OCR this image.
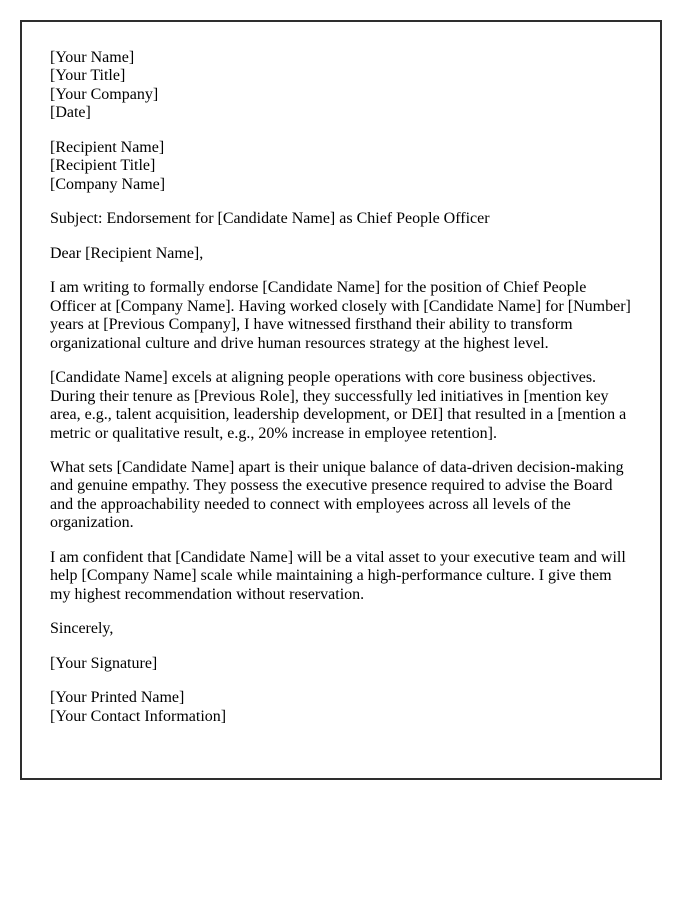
[Your Name]
[Your Title]
[Your Company]
[Date]

[Recipient Name]
[Recipient Title]
[Company Name]

Subject: Endorsement for [Candidate Name] as Chief People Officer

Dear [Recipient Name],

I am writing to formally endorse [Candidate Name] for the position of Chief People Officer at [Company Name]. Having worked closely with [Candidate Name] for [Number] years at [Previous Company], I have witnessed firsthand their ability to transform organizational culture and drive human resources strategy at the highest level.

[Candidate Name] excels at aligning people operations with core business objectives. During their tenure as [Previous Role], they successfully led initiatives in [mention key area, e.g., talent acquisition, leadership development, or DEI] that resulted in a [mention a metric or qualitative result, e.g., 20% increase in employee retention].

What sets [Candidate Name] apart is their unique balance of data-driven decision-making and genuine empathy. They possess the executive presence required to advise the Board and the approachability needed to connect with employees across all levels of the organization.

I am confident that [Candidate Name] will be a vital asset to your executive team and will help [Company Name] scale while maintaining a high-performance culture. I give them my highest recommendation without reservation.

Sincerely,

[Your Signature]

[Your Printed Name]
[Your Contact Information]
